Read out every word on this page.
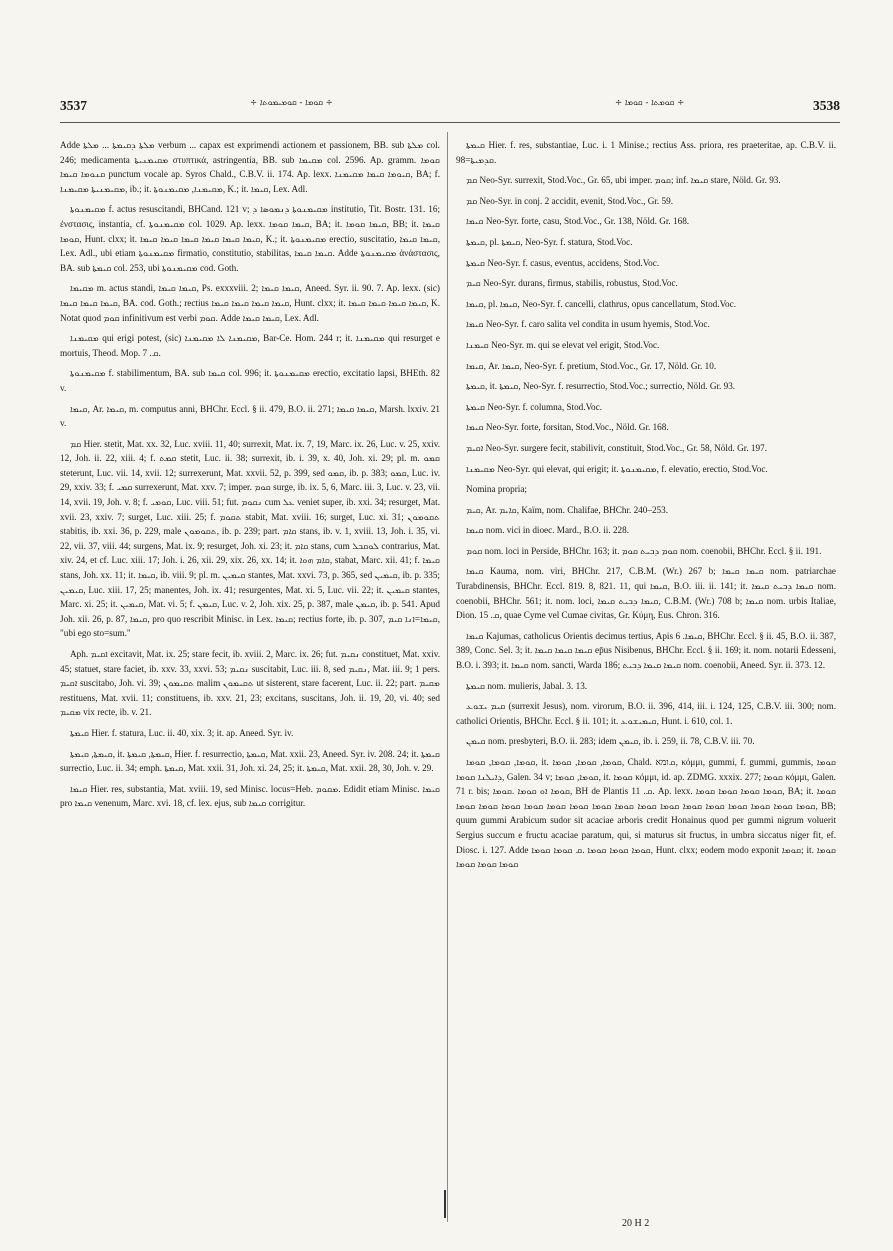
3537	÷ ܩܘܡܐ - ܩܘܡܝܡܘܬܐ ÷	÷ ܩܘܡܬܐ - ܩܘܡܐ ÷	3538

Adde ܡܠܬܐ ܕܩܝܡܬܐ ... ܡܠܬܐ verbum ... capax est exprimendi actionem et passionem, BB. sub ܡܠܬܐ col. 246; medicamenta ܡܩܝܡܢܝܬܐ στυπτικά, astringentia, BB. sub ܡܩܝܡܐ col. 2596. Ap. gramm. ܩܘܡܐ ܩܢܘܡܐ ܩܝܡܐ punctum vocale ap. Syros Chald., C.B.V. ii. 174. Ap. lexx. ܩܝܘܡܐ ܩܝܡܐ ܡܩܝܡܢܐ, BA; f. ܡܩܝܡܢܝܬܐ ܡܩܝܡܢܐ, ib.; it. ܡܩܝܡܢܐ, ܡܩܝܡܢܘܬܐ, K.; it. ܩܝܡܐ, Lex. Adl.

ܡܩܝܡܢܘܬܐ f. actus resuscitandi, BHCand. 121 v; ܡܩܝܡܢܘܬܐ ܕܢܡܘܣܐ ܕ institutio, Tit. Bostr. 131. 16; ἐνστασις, instantia, cf. ܡܩܝܡܢܘܬܐ col. 1029. Ap. lexx. ܩܝܡܐ ܩܘܡܐ, BA; it. ܩܝܡܐ ܩܘܡܐ, BB; it. ܩܝܡܐ ܩܘܡܐ, Hunt. clxx; it. ܩܝܡܐ ܩܝܡܐ ܩܝܡܐ ܩܝܡܐ ܩܝܡܐ ܩܝܡܐ, K.; it. ܡܩܝܡܢܘܬܐ erectio, suscitatio, ܩܝܡܐ ܩܝܡܐ, Lex. Adl., ubi etiam ܡܩܝܡܢܘܬܐ firmatio, constitutio, stabilitas, ܩܝܡܐ ܩܝܡܐ. Adde ܡܩܝܡܢܘܬܐ ἀνάστασις, BA. sub ܩܝܡܬܐ col. 253, ubi ܡܩܝܡܢܘܬܐ cod. Goth.

ܡܩܝܡܐ m. actus standi, ܩܝܡܐ ܩܝܡܐ, Ps. exxxviii. 2; ܩܝܡܐ ܩܝܡܐ, Aneed. Syr. ii. 90. 7. Ap. lexx. (sic) ܩܝܡܐ ܩܝܡܐ ܩܝܡܐ, BA. cod. Goth.; rectius ܩܝܡܐ ܩܝܡܐ ܩܝܡܐ ܩܝܡܐ, Hunt. clxx; it. ܩܝܡܐ ܩܝܡܐ ܩܝܡܐ ܩܝܡܐ, K. Notat quod ܩܘܡ infinitivum est verbi ܩܘܡ. Adde ܩܝܡܐ ܩܝܡܐ, Lex. Adl.

ܡܩܝܡܢܐ qui erigi potest, (sic) ܡܩܝܡܢܐ ܠܐ ܡܩܝܡܢܐ, Bar-Ce. Hom. 244 r; it. ܡܩܝܡܢܐ qui resurget e mortuis, Theod. Mop. ܩ. 7.

ܡܩܝܡܢܘܬܐ f. stabilimentum, BA. sub ܩܝܡܐ col. 996; it. ܡܩܝܡܢܘܬܐ erectio, excitatio lapsi, BHEth. 82 v.

ܩܝܡܐ, Ar. ܩܝܡܐ, m. computus anni, BHChr. Eccl. § ii. 479, B.O. ii. 271; ܩܝܡܐ ܩܝܡܐ, Marsh. lxxiv. 21 v.

ܩܡ Hier. stetit, Mat. xx. 32, Luc. xviii. 11, 40; surrexit, Mat. ix. 7, 19, Marc. ix. 26, Luc. v. 25, xxiv. 12, Joh. ii. 22, xiii. 4; f. ܩܡܬ stetit, Luc. ii. 38; surrexit, ib. i. 39, x. 40, Joh. xi. 29; pl. m. ܩܡܘ steterunt, Luc. vii. 14, xvii. 12; surrexerunt, Mat. xxvii. 52, p. 399, sed ܩܡܘ, ib. p. 383; ܩܡܘ, Luc. iv. 29, xxiv. 33; f. ܩܡܝ surrexerunt, Mat. xxv. 7; imper. ܩܘܡ surge, ib. ix. 5, 6, Marc. iii. 3, Luc. v. 23, vii. 14, xvii. 19, Joh. v. 8; f. ܩܘܡܝ, Luc. viii. 51; fut. ܢܩܘܡ cum ܥܠ veniet super, ib. xxi. 34; resurget, Mat. xvii. 23, xxiv. 7; surget, Luc. xiii. 25; f. ܬܩܘܡ stabit, Mat. xviii. 16; surget, Luc. xi. 31; ܬܩܘܡܘܢ stabitis, ib. xxi. 36, p. 229, male ܬܩܘܡܘܢ, ib. p. 239; part. ܩܐܡ stans, ib. v. 1, xviii. 13, Joh. i. 35, vi. 22, vii. 37, viii. 44; surgens, Mat. ix. 9; resurget, Joh. xi. 23; it. ܩܐܡ stans, cum ܠܘܩܒܠ contrarius, Mat. xiv. 24, et cf. Luc. xiii. 17; Joh. i. 26, xii. 29, xix. 26, xx. 14; it. ܩܐܡ ܗܘܐ, stabat, Marc. xii. 41; f. ܩܝܡܐ stans, Joh. xx. 11; it. ܩܝܡܐ, ib. viii. 9; pl. m. ܩܝܡܝܢ stantes, Mat. xxvi. 73, p. 365, sed ܩܝܡܝܢ, ib. p. 335; ܩܝܡܝܢ, Luc. xiii. 17, 25; manentes, Joh. ix. 41; resurgentes, Mat. xi. 5, Luc. vii. 22; it. ܩܝܡܝܢ stantes, Marc. xi. 25; it. ܩܝܡܝܢ, Mat. vi. 5; f. ܩܝܡܢ, Luc. v. 2, Joh. xix. 25, p. 387, male ܩܝܡܢ, ib. p. 541. Apud Joh. xii. 26, p. 87, ܩܝܡܐ, pro quo rescribit Minisc. in Lex. ܩܝܡܐ; rectius forte, ib. p. 307, ܩܝܡܐ=ܐܢܐ ܩܝܡ, "ubi ego sto=sum."

Aph. ܐܩܝܡ excitavit, Mat. ix. 25; stare fecit, ib. xviii. 2, Marc. ix. 26; fut. ܢܩܝܡ constituet, Mat. xxiv. 45; statuet, stare faciet, ib. xxv. 33, xxvi. 53; ܢܩܝܡ suscitabit, Luc. iii. 8, sed ܢܩܝܡ, Mat. iii. 9; 1 pers. ܐܩܝܡ suscitabo, Joh. vi. 39; ܬܩܝܡܘܢ malim ܬܩܝܡܘܢ ut sisterent, stare facerent, Luc. ii. 22; part. ܡܩܝܡ restituens, Mat. xvii. 11; constituens, ib. xxv. 21, 23; excitans, suscitans, Joh. ii. 19, 20, vi. 40; sed ܡܩܝܡ vix recte, ib. v. 21.

ܩܝܡܬܐ Hier. f. statura, Luc. ii. 40, xix. 3; it. ap. Aneed. Syr. iv.

ܩܝܡܬܐ, ܩܝܡܬܐ, it. ܩܝܡܬܐ, ܩܝܡܬܐ, Hier. f. resurrectio, ܩܝܡܬܐ, Mat. xxii. 23, Aneed. Syr. iv. 208. 24; it. ܩܝܡܬܐ surrectio, Luc. ii. 34; emph. ܩܝܡܬܐ, Mat. xxii. 31, Joh. xi. 24, 25; it. ܩܝܡܬܐ, Mat. xxii. 28, 30, Joh. v. 29.

ܩܝܡܐ Hier. res, substantia, Mat. xviii. 19, sed Minisc. locus=Heb. ܡܩܘܡ. Edidit etiam Minisc. ܩܝܡܐ pro ܩܝܡܐ venenum, Marc. xvi. 18, cf. lex. ejus, sub ܩܝܡܐ corrigitur.

ܩܝܡܬܐ Hier. f. res, substantiae, Luc. i. 1 Minise.; rectius Ass. priora, res praeteritae, ap. C.B.V. ii. 98=ܩܕܡܝܬܐ.

ܩܡ Neo-Syr. surrexit, Stod.Voc., Gr. 65, ubi imper. ܩܘܡ; inf. ܩܝܡܐ stare, Nöld. Gr. 93.

ܩܡ Neo-Syr. in conj. 2 accidit, evenit, Stod.Voc., Gr. 59.

ܩܝܡܐ Neo-Syr. forte, casu, Stod.Voc., Gr. 138, Nöld. Gr. 168.

ܩܝܡܬܐ, pl. ܩܝܡܬܐ, Neo-Syr. f. statura, Stod.Voc.

ܩܝܡܬܐ Neo-Syr. f. casus, eventus, accidens, Stod.Voc.

ܩܝܡ Neo-Syr. durans, firmus, stabilis, robustus, Stod.Voc.

ܩܝܡܐ, pl. ܩܝܡܐ, Neo-Syr. f. cancelli, clathrus, opus cancellatum, Stod.Voc.

ܩܝܡܐ Neo-Syr. f. caro salita vel condita in usum hyemis, Stod.Voc.

ܩܝܡܢܐ Neo-Syr. m. qui se elevat vel erigit, Stod.Voc.

ܩܝܡܐ, Ar. ܩܝܡܐ, Neo-Syr. f. pretium, Stod.Voc., Gr. 17, Nöld. Gr. 10.

ܩܝܡܬܐ, it. ܩܝܡܬܐ, Neo-Syr. f. resurrectio, Stod.Voc.; surrectio, Nöld. Gr. 93.

ܩܝܡܬܐ Neo-Syr. f. columna, Stod.Voc.

ܩܝܡܐ Neo-Syr. forte, forsitan, Stod.Voc., Nöld. Gr. 168.

ܐܩܝܡ Neo-Syr. surgere fecit, stabilivit, constituit, Stod.Voc., Gr. 58, Nöld. Gr. 197.

ܡܩܝܡܢܐ Neo-Syr. qui elevat, qui erigit; it. ܡܩܝܡܢܘܬܐ, f. elevatio, erectio, Stod.Voc.

Nomina propria;

ܩܝܡ, Ar. ܩܐܝܡ, Kaïm, nom. Chalifae, BHChr. 240–253.

ܩܝܡܐ nom. vici in dioec. Mard., B.O. ii. 228.

ܩܘܡ nom. loci in Perside, BHChr. 163; it. ܩܘܡ ܕܒܝܬ ܩܘܡ nom. coenobii, BHChr. Eccl. § ii. 191.

ܩܝܡܐ Kauma, nom. viri, BHChr. 217, C.B.M. (Wr.) 267 b; ܩܝܡܐ ܩܝܡܐ nom. patriarchae Turabdinensis, BHChr. Eccl. 819. 8, 821. 11, qui ܩܝܡܐ, B.O. iii. ii. 141; it. ܩܝܡܐ ܕܒܝܬ ܩܝܡܐ nom. coenobii, BHChr. 561; it. nom. loci, ܩܝܡܐ ܕܒܝܬ ܩܝܡܐ, C.B.M. (Wr.) 708 b; ܩܝܡܐ nom. urbis Italiae, Dion. ܩ. 15, quae Cyme vel Cumae civitas, Gr. Κύμη, Eus. Chron. 316.

ܩܝܡܐ Kajumas, catholicus Orientis decimus tertius, Apis ܩܝܡܐ. 6, BHChr. Eccl. § ii. 45, B.O. ii. 387, 389, Conc. Sel. 3; it. ܩܝܡܐ ܩܝܡܐ ܩܝܡܐ ep̄us Nisibenus, BHChr. Eccl. § ii. 169; it. nom. notarii Edesseni, B.O. i. 393; it. ܩܝܡܐ nom. sancti, Warda 186; ܩܝܡܐ ܩܝܡܐ ܕܒܝܬ nom. coenobii, Aneed. Syr. ii. 373. 12.

ܩܝܡܬܐ nom. mulieris, Jabal. 3. 13.

ܩܝܡ ܝܫܘܥ (surrexit Jesus), nom. virorum, B.O. ii. 396, 414, iii. i. 124, 125, C.B.V. iii. 300; nom. catholici Orientis, BHChr. Eccl. § ii. 101; it. ܩܝܡܝܫܘܥ, Hunt. i. 610, col. 1.

ܩܝܡܢ nom. presbyteri, B.O. ii. 283; idem ܩܝܡܢ, ib. i. 259, ii. 78, C.B.V. iii. 70.

ܩܘܡܐ, ܩܘܡܐ, ܩܘܡܐ, it. ܩܘܡܐ, ܩܘܡܐ, ܩܘܡܐ, Chald. ܩומא, κόμμι, gummi, f. gummi, gummis, ܩܘܡܐ ܕܐܝܠܢܐ ܩܘܡܐ, Galen. 34 v; ܩܘܡܐ, ܩܘܡܐ, it. ܩܘܡܐ κόμμι, id. ap. ZDMG. xxxix. 277; ܩܘܡܐ κόμμι, Galen. 71 r. bis; ܩܘܡܐ ܐܘ ܩܘܡܐ .ܩܘܡܐ, BH de Plantis ܩ. 11. Ap. lexx. ܩܘܡܐ ܩܘܡܐ ܩܘܡܐ ܩܘܡܐ, BA; it. ܩܘܡܐ ܩܘܡܐ ܩܘܡܐ ܩܘܡܐ ܩܘܡܐ ܩܘܡܐ ܩܘܡܐ ܩܘܡܐ ܩܘܡܐ ܩܘܡܐ ܩܘܡܐ ܩܘܡܐ ܩܘܡܐ ܩܘܡܐ ܩܘܡܐ ܩܘܡܐ ܩܘܡܐ, BB; quum gummi Arabicum sudor sit acaciae arboris credit Honainus quod per gummi nigrum voluerit Sergius succum e fructu acaciae paratum, qui, si maturus sit fructus, in umbra siccatus niger fit, ef. Diosc. i. 127. Adde ܩܘܡܐ ܩܘܡܐ ܩܘܡܐ .ܩ ܩܘܡܐ ܩܘܡܐ, Hunt. clxx; eodem modo exponit ܩܘܡܐ; it. ܩܘܡܐ ܩܘܡܐ ܩܘܡܐ ܩܘܡܐ

20 H 2
